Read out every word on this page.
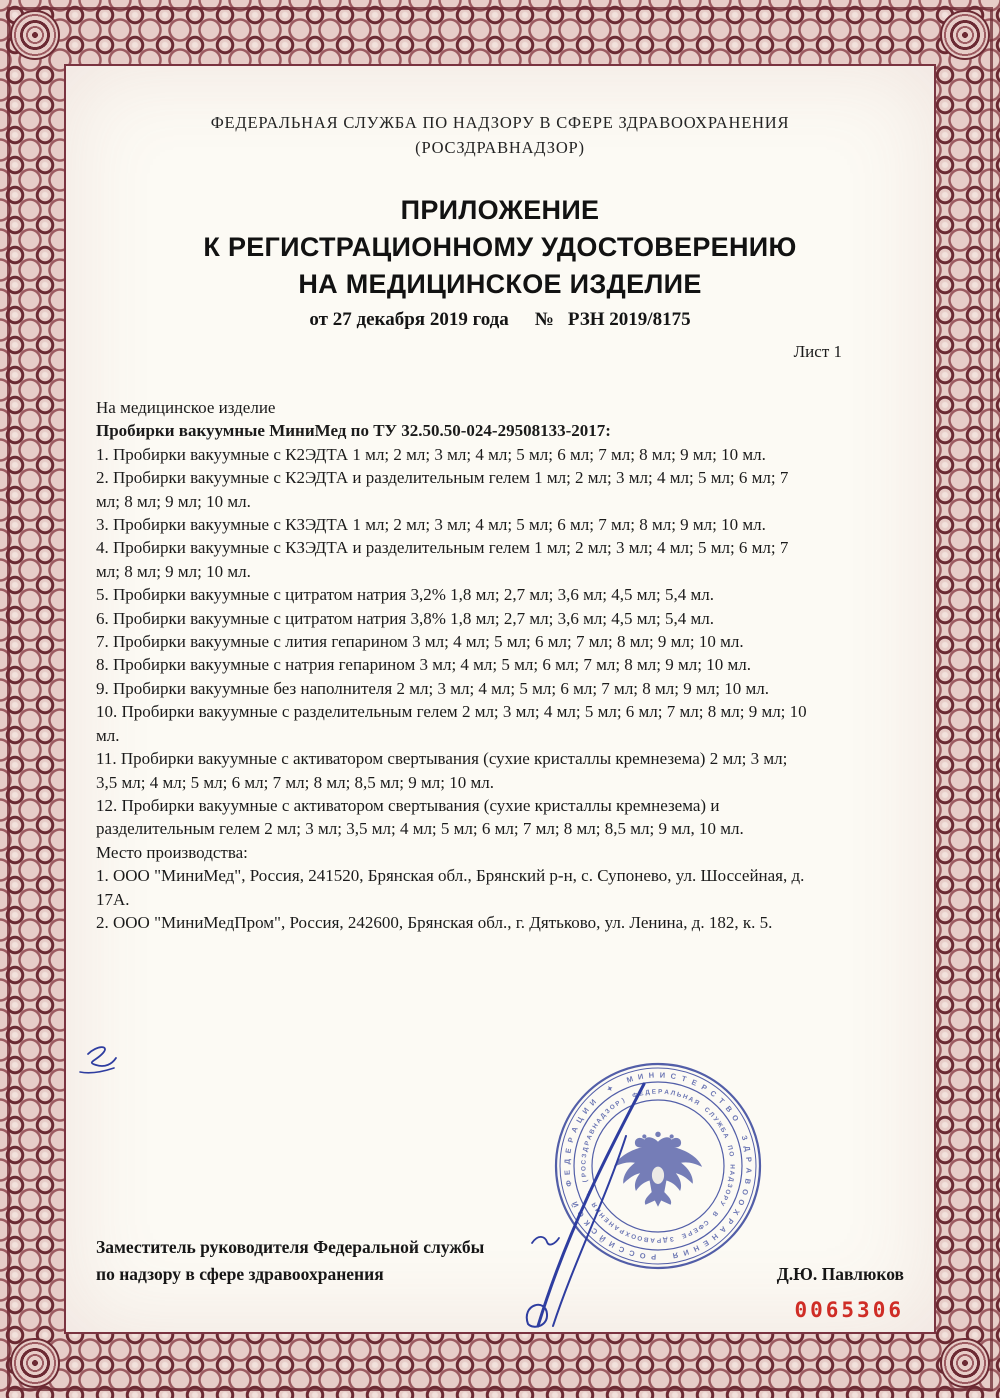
ФЕДЕРАЛЬНАЯ СЛУЖБА ПО НАДЗОРУ В СФЕРЕ ЗДРАВООХРАНЕНИЯ
(РОСЗДРАВНАДЗОР)
ПРИЛОЖЕНИЕ
К РЕГИСТРАЦИОННОМУ УДОСТОВЕРЕНИЮ
НА МЕДИЦИНСКОЕ ИЗДЕЛИЕ
от 27 декабря 2019 года № РЗН 2019/8175
Лист 1

На медицинское изделие

Пробирки вакуумные МиниМед по ТУ 32.50.50-024-29508133-2017:

1. Пробирки вакуумные с К2ЭДТА 1 мл; 2 мл; 3 мл; 4 мл; 5 мл; 6 мл; 7 мл; 8 мл; 9 мл; 10 мл.

2. Пробирки вакуумные с К2ЭДТА и разделительным гелем 1 мл; 2 мл; 3 мл; 4 мл; 5 мл; 6 мл; 7 мл; 8 мл; 9 мл; 10 мл.

3. Пробирки вакуумные с КЗЭДТА 1 мл; 2 мл; 3 мл; 4 мл; 5 мл; 6 мл; 7 мл; 8 мл; 9 мл; 10 мл.

4. Пробирки вакуумные с КЗЭДТА и разделительным гелем 1 мл; 2 мл; 3 мл; 4 мл; 5 мл; 6 мл; 7 мл; 8 мл; 9 мл; 10 мл.

5. Пробирки вакуумные с цитратом натрия 3,2% 1,8 мл; 2,7 мл; 3,6 мл; 4,5 мл; 5,4 мл.

6. Пробирки вакуумные с цитратом натрия 3,8% 1,8 мл; 2,7 мл; 3,6 мл; 4,5 мл; 5,4 мл.

7. Пробирки вакуумные с лития гепарином 3 мл; 4 мл; 5 мл; 6 мл; 7 мл; 8 мл; 9 мл; 10 мл.

8. Пробирки вакуумные с натрия гепарином 3 мл; 4 мл; 5 мл; 6 мл; 7 мл; 8 мл; 9 мл; 10 мл.

9. Пробирки вакуумные без наполнителя 2 мл; 3 мл; 4 мл; 5 мл; 6 мл; 7 мл; 8 мл; 9 мл; 10 мл.

10. Пробирки вакуумные с разделительным гелем 2 мл; 3 мл; 4 мл; 5 мл; 6 мл; 7 мл; 8 мл; 9 мл; 10 мл.

11. Пробирки вакуумные с активатором свертывания (сухие кристаллы кремнезема) 2 мл; 3 мл; 3,5 мл; 4 мл; 5 мл; 6 мл; 7 мл; 8 мл; 8,5 мл; 9 мл; 10 мл.

12. Пробирки вакуумные с активатором свертывания (сухие кристаллы кремнезема) и разделительным гелем 2 мл; 3 мл; 3,5 мл; 4 мл; 5 мл; 6 мл; 7 мл; 8 мл; 8,5 мл; 9 мл, 10 мл.

Место производства:

1. ООО "МиниМед", Россия, 241520, Брянская обл., Брянский р-н, с. Супонево, ул. Шоссейная, д. 17А.

2. ООО "МиниМедПром", Россия, 242600, Брянская обл., г. Дятьково, ул. Ленина, д. 182, к. 5.

М И Н И С Т Е Р
С
Т
В
О
З
Д
Р
А
В
О
О
Х
Р
А
Н
Е
Н
И
Я
Р
О
С
С
И
Й
С
К
О
Й
Ф
Е
Д
Е
Р
А
Ц
И
И
✦
Ф Е Д Е Р А Л Ь Н
А
Я
С
Л
У
Ж
Б
А
П
О
Н
А
Д
З
О
Р
У
В
С
Ф
Е
Р
Е
З
Д
Р
А
В
О
О
Х
Р
А
Н
Е
Н
И
Я
✦
(
Р
О
С
З
Д
Р
А
В
Н
А
Д
З
О
Р )
Заместитель руководителя Федеральной службы
по надзору в сфере здравоохранения	Д.Ю. Павлюков
0065306
